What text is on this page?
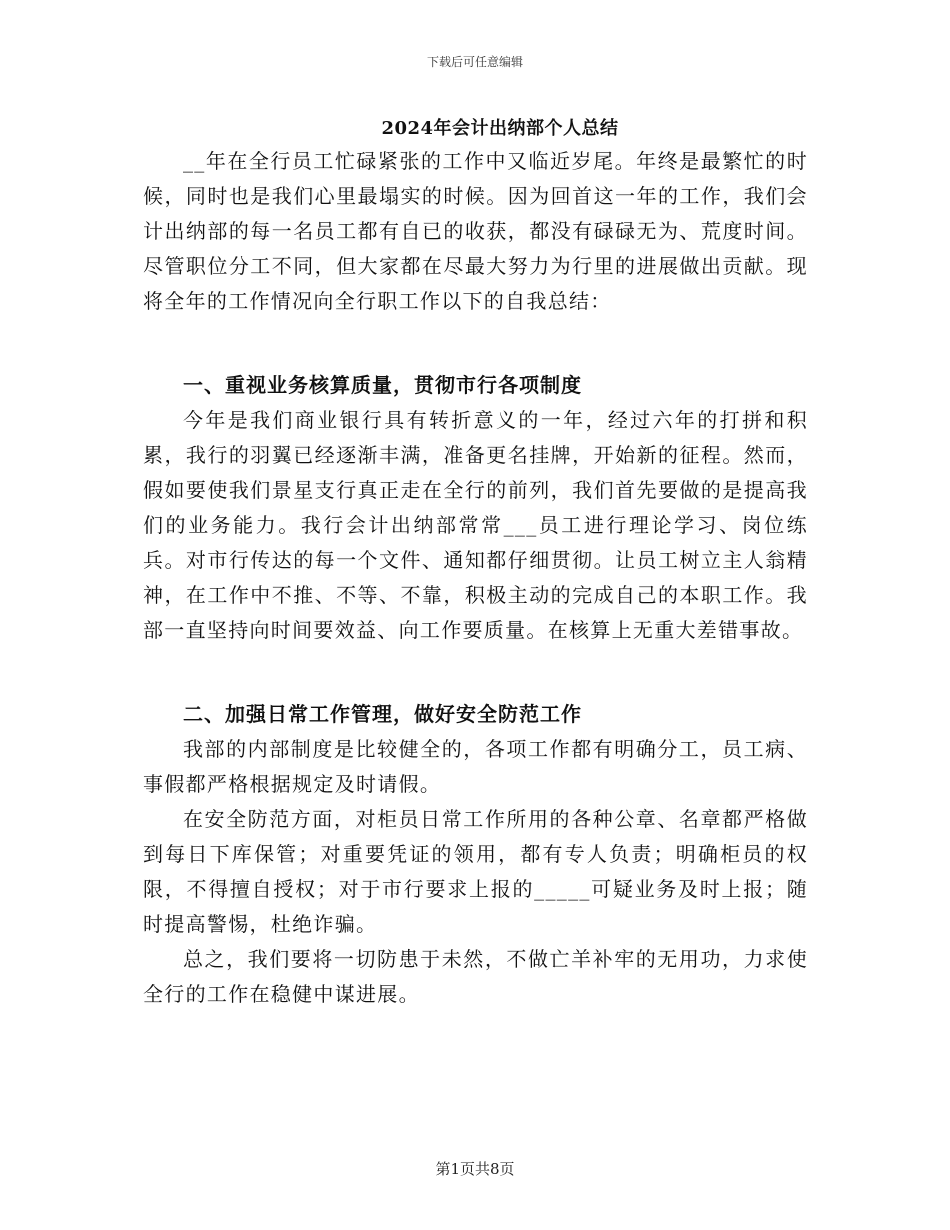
下载后可任意编辑
2024年会计出纳部个人总结

__年在全行员工忙碌紧张的工作中又临近岁尾。年终是最繁忙的时候，同时也是我们心里最塌实的时候。因为回首这一年的工作，我们会计出纳部的每一名员工都有自已的收获，都没有碌碌无为、荒度时间。尽管职位分工不同，但大家都在尽最大努力为行里的进展做出贡献。现将全年的工作情况向全行职工作以下的自我总结：

一、重视业务核算质量，贯彻市行各项制度

今年是我们商业银行具有转折意义的一年，经过六年的打拼和积累，我行的羽翼已经逐渐丰满，准备更名挂牌，开始新的征程。然而，假如要使我们景星支行真正走在全行的前列，我们首先要做的是提高我们的业务能力。我行会计出纳部常常___员工进行理论学习、岗位练兵。对市行传达的每一个文件、通知都仔细贯彻。让员工树立主人翁精神，在工作中不推、不等、不靠，积极主动的完成自己的本职工作。我部一直坚持向时间要效益、向工作要质量。在核算上无重大差错事故。

二、加强日常工作管理，做好安全防范工作

我部的内部制度是比较健全的，各项工作都有明确分工，员工病、事假都严格根据规定及时请假。

在安全防范方面，对柜员日常工作所用的各种公章、名章都严格做到每日下库保管；对重要凭证的领用，都有专人负责；明确柜员的权限，不得擅自授权；对于市行要求上报的_____可疑业务及时上报；随时提高警惕，杜绝诈骗。

总之，我们要将一切防患于未然，不做亡羊补牢的无用功，力求使全行的工作在稳健中谋进展。

第1页共8页
